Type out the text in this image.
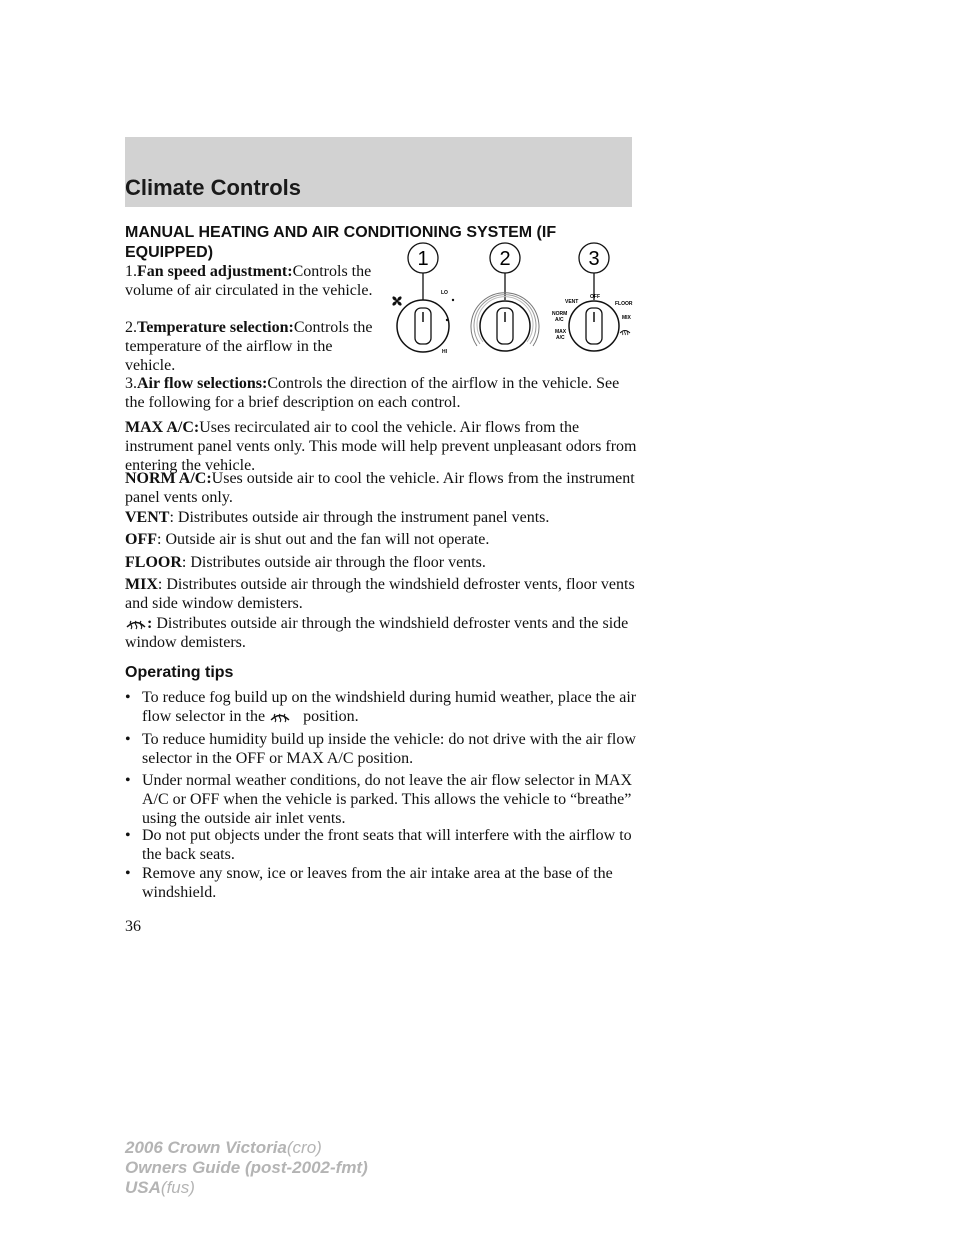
Climate Controls
MANUAL HEATING AND AIR CONDITIONING SYSTEM (IF EQUIPPED)
1.Fan speed adjustment:Controls the volume of air circulated in the vehicle.
2.Temperature selection:Controls the temperature of the airflow in the vehicle.
3.Air flow selections:Controls the direction of the airflow in the vehicle. See the following for a brief description on each control.
MAX A/C:Uses recirculated air to cool the vehicle. Air flows from the instrument panel vents only. This mode will help prevent unpleasant odors from entering the vehicle.
NORM A/C:Uses outside air to cool the vehicle. Air flows from the instrument panel vents only.
VENT: Distributes outside air through the instrument panel vents.
OFF: Outside air is shut out and the fan will not operate.
FLOOR: Distributes outside air through the floor vents.
MIX: Distributes outside air through the windshield defroster vents, floor vents and side window demisters.
: Distributes outside air through the windshield defroster vents and the side window demisters.
Operating tips
• To reduce fog build up on the windshield during humid weather, place the air flow selector in the position.
• To reduce humidity build up inside the vehicle: do not drive with the air flow selector in the OFF or MAX A/C position.
• Under normal weather conditions, do not leave the air flow selector in MAX A/C or OFF when the vehicle is parked. This allows the vehicle to “breathe” using the outside air inlet vents.
• Do not put objects under the front seats that will interfere with the airflow to the back seats.
• Remove any snow, ice or leaves from the air intake area at the base of the windshield.
36
2006 Crown Victoria(cro)
Owners Guide (post-2002-fmt)
USA(fus)
1	2	3
LO
HI
OFF
VENT	FLOOR
NORM
A/C	MIX
MAX
A/C
